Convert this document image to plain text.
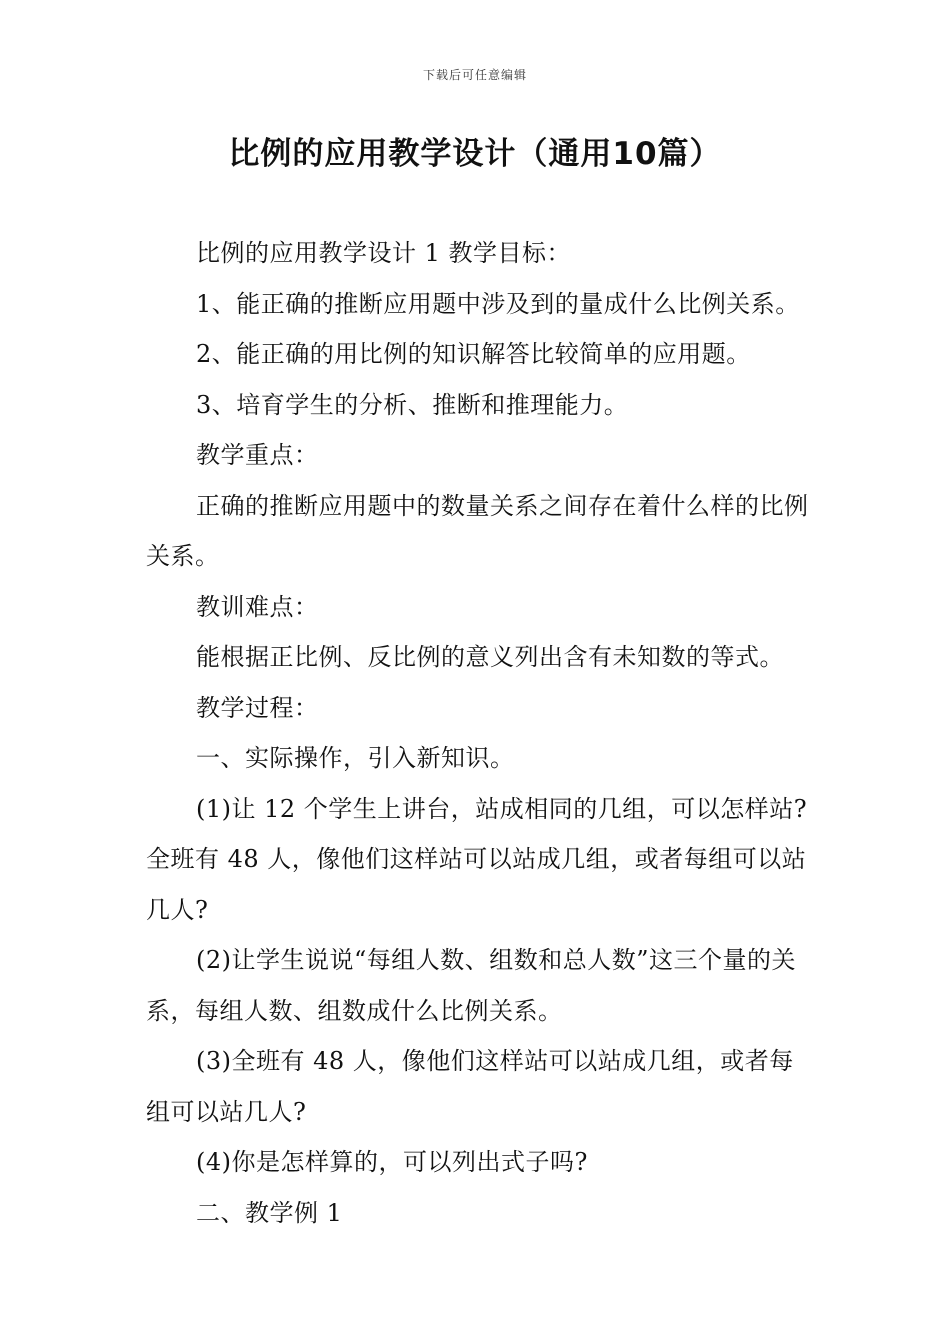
下载后可任意编辑
比例的应用教学设计（通用10篇）

比例的应用教学设计 1 教学目标：

1、能正确的推断应用题中涉及到的量成什么比例关系。

2、能正确的用比例的知识解答比较简单的应用题。

3、培育学生的分析、推断和推理能力。

教学重点：

正确的推断应用题中的数量关系之间存在着什么样的比例关系。

教训难点：

能根据正比例、反比例的意义列出含有未知数的等式。

教学过程：

一、实际操作，引入新知识。

(1)让 12 个学生上讲台，站成相同的几组，可以怎样站?全班有 48 人，像他们这样站可以站成几组，或者每组可以站几人?

(2)让学生说说“每组人数、组数和总人数”这三个量的关系，每组人数、组数成什么比例关系。

(3)全班有 48 人，像他们这样站可以站成几组，或者每组可以站几人?

(4)你是怎样算的，可以列出式子吗?

二、教学例 1
